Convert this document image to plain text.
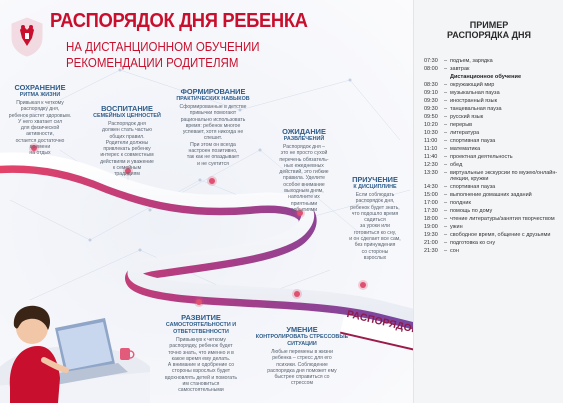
РАСПОРЯДОК ДНЯ РЕБЕНКА
НА ДИСТАНЦИОННОМ ОБУЧЕНИИ
РЕКОМЕНДАЦИИ РОДИТЕЛЯМ
СОХРАНЕНИЕ
РИТМА ЖИЗНИ
Привыкая к четкому
распорядку дня,
ребенок растет здоровым.
У него хватает сил
для физической
активности,
остается достаточно
времени
на отдых
ВОСПИТАНИЕ
СЕМЕЙНЫХ ЦЕННОСТЕЙ
Распорядок дня
должен стать частью
общих правил.
Родители должны
привлекать ребенку
интерес к совместным
действиям и уважение
к семейным
традициям
ФОРМИРОВАНИЕ
ПРАКТИЧЕСКИХ НАВЫКОВ
Сформированные в детстве
привычки помогают
рационально использовать
время: ребенок многое
успевает, хотя никогда не
спешит.
При этом он всегда
настроен позитивно,
так как не опаздывает
и не суетится
ОЖИДАНИЕ
РАЗВЛЕЧЕНИЙ
Распорядок дня –
это не просто сухой
перечень обязатель-
ных ежедневных
действий, это гибкие
правила. Уделите
особое внимание
выходным дням,
наполните их
приятными
событиями
ПРИУЧЕНИЕ
К ДИСЦИПЛИНЕ
Если соблюдать
распорядок дня,
ребенок будет знать,
что подошло время
садиться
за уроки или
готовиться ко сну,
и он сделает все сам,
без принуждения
со стороны
взрослых
РАЗВИТИЕ
САМОСТОЯТЕЛЬНОСТИ И ОТВЕТСТВЕННОСТИ
Привыкнув к четкому
распорядку, ребенок будет
точно знать, что именно и в
какое время ему делать.
А внимание и одобрение со
стороны взрослых будет
вдохновлять детей и помогать
им становиться
самостоятельными
УМЕНИЕ
КОНТРОЛИРОВАТЬ СТРЕССОВЫЕ СИТУАЦИИ
Любые перемены в жизни
ребенка – стресс для его
психики. Соблюдение
распорядка дня поможет ему
быстрее справиться со
стрессом
РАСПОРЯДОК
ПРИМЕР
РАСПОРЯДКА ДНЯ
07:30	– подъем, зарядка
08:00	– завтрак
Дистанционное обучение
08:30	– окружающий мир
09:10	– музыкальная пауза
09:30	– иностранный язык
09:30	– танцевальная пауза
09:50	– русский язык
10:20	– перерыв
10:30	– литература
11:00	– спортивная пауза
11:10	– математика
11:40	– проектная деятельность
12:30	– обед
13:30	– виртуальные экскурсии по музею/онлайн-лекции, кружки
14:30	– спортивная пауза
15:00	– выполнение домашних заданий
17:00	– полдник
17:30	– помощь по дому
18:00	– чтение литературы/занятия творчеством
19:00	– ужин
19:30	– свободное время, общение с друзьями
21:00	– подготовка ко сну
21:30	– сон
